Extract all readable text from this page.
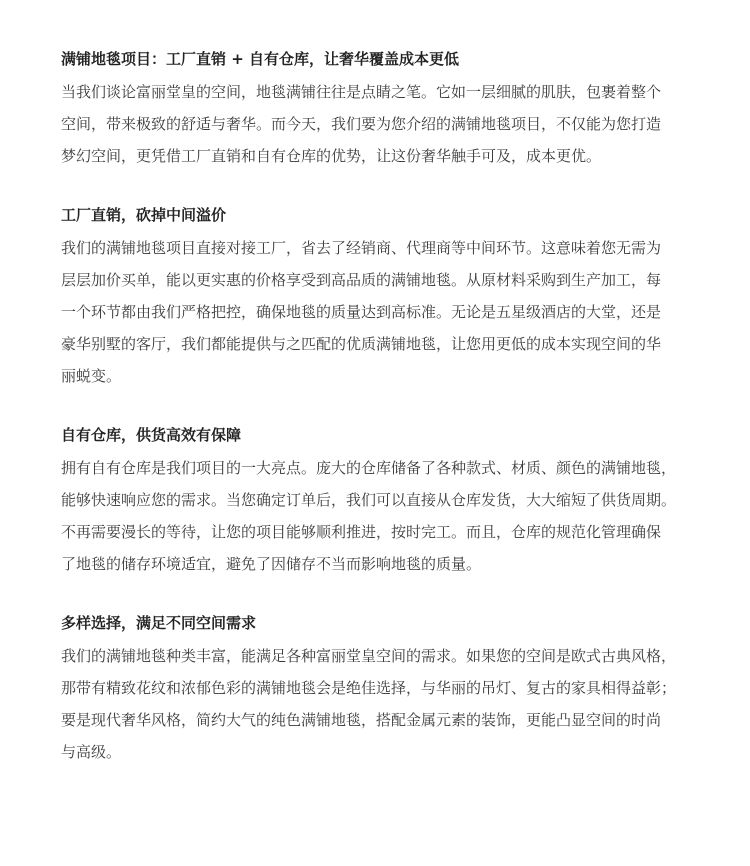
满铺地毯项目：工厂直销 + 自有仓库，让奢华覆盖成本更低

当我们谈论富丽堂皇的空间，地毯满铺往往是点睛之笔。它如一层细腻的肌肤，包裹着整个
空间，带来极致的舒适与奢华。而今天，我们要为您介绍的满铺地毯项目，不仅能为您打造
梦幻空间，更凭借工厂直销和自有仓库的优势，让这份奢华触手可及，成本更优。

工厂直销，砍掉中间溢价

我们的满铺地毯项目直接对接工厂，省去了经销商、代理商等中间环节。这意味着您无需为
层层加价买单，能以更实惠的价格享受到高品质的满铺地毯。从原材料采购到生产加工，每
一个环节都由我们严格把控，确保地毯的质量达到高标准。无论是五星级酒店的大堂，还是
豪华别墅的客厅，我们都能提供与之匹配的优质满铺地毯，让您用更低的成本实现空间的华
丽蜕变。

自有仓库，供货高效有保障

拥有自有仓库是我们项目的一大亮点。庞大的仓库储备了各种款式、材质、颜色的满铺地毯，
能够快速响应您的需求。当您确定订单后，我们可以直接从仓库发货，大大缩短了供货周期。
不再需要漫长的等待，让您的项目能够顺利推进，按时完工。而且，仓库的规范化管理确保
了地毯的储存环境适宜，避免了因储存不当而影响地毯的质量。

多样选择，满足不同空间需求

我们的满铺地毯种类丰富，能满足各种富丽堂皇空间的需求。如果您的空间是欧式古典风格，
那带有精致花纹和浓郁色彩的满铺地毯会是绝佳选择，与华丽的吊灯、复古的家具相得益彰；
要是现代奢华风格，简约大气的纯色满铺地毯，搭配金属元素的装饰，更能凸显空间的时尚
与高级。
